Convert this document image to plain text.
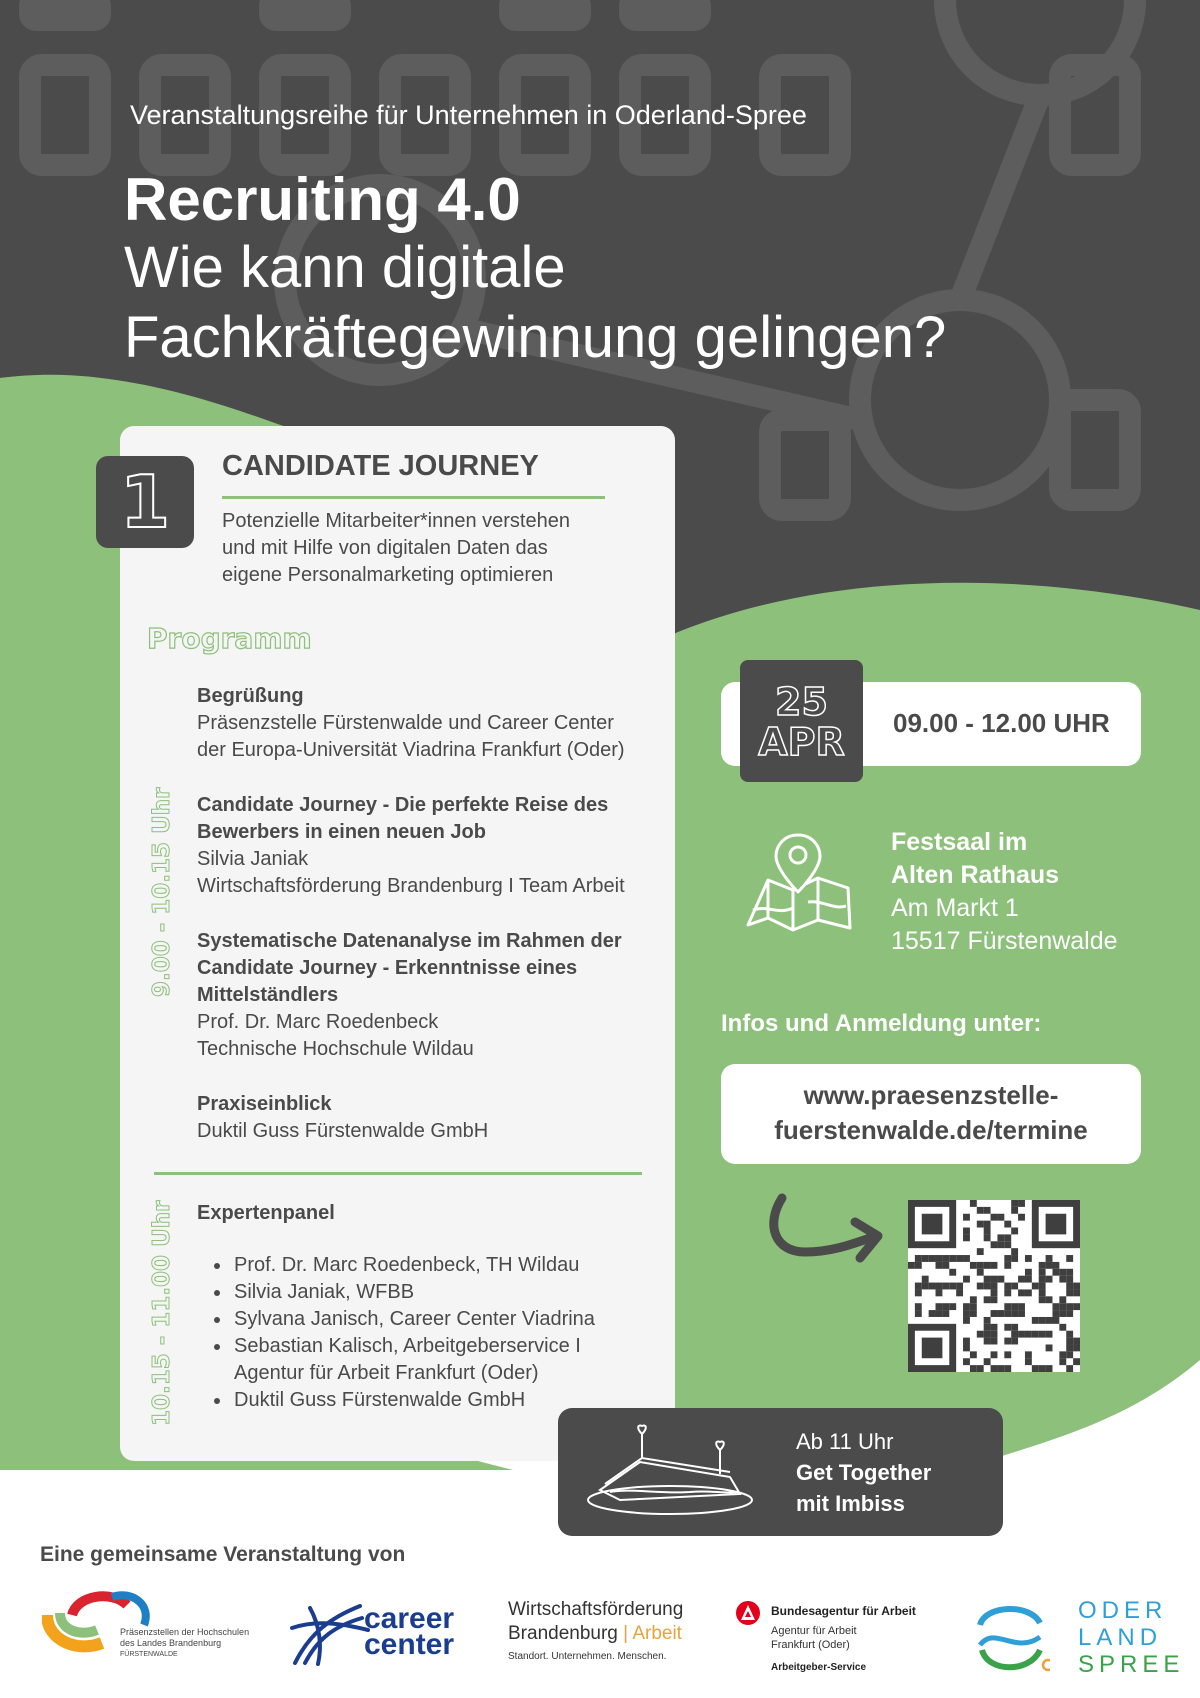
Veranstaltungsreihe für Unternehmen in Oderland-Spree
Recruiting 4.0
Wie kann digitale
Fachkräftegewinnung gelingen?
1 CANDIDATE JOURNEY
Potenzielle Mitarbeiter*innen verstehen
und mit Hilfe von digitalen Daten das
eigene Personalmarketing optimieren
Programm
9.00 - 10.15 Uhr
10.15 - 11.00 Uhr
Begrüßung
Präsenzstelle Fürstenwalde und Career Center
der Europa-Universität Viadrina Frankfurt (Oder)
Candidate Journey - Die perfekte Reise des
Bewerbers in einen neuen Job
Silvia Janiak
Wirtschaftsförderung Brandenburg I Team Arbeit
Systematische Datenanalyse im Rahmen der
Candidate Journey - Erkenntnisse eines
Mittelständlers
Prof. Dr. Marc Roedenbeck
Technische Hochschule Wildau
Praxiseinblick
Duktil Guss Fürstenwalde GmbH
Expertenpanel
• Prof. Dr. Marc Roedenbeck, TH Wildau
• Silvia Janiak, WFBB
• Sylvana Janisch, Career Center Viadrina
• Sebastian Kalisch, Arbeitgeberservice I
Agentur für Arbeit Frankfurt (Oder)
• Duktil Guss Fürstenwalde GmbH
25
APR	09.00 - 12.00 UHR
Festsaal im
Alten Rathaus
Am Markt 1
15517 Fürstenwalde
Infos und Anmeldung unter:
www.praesenzstelle-
fuerstenwalde.de/termine
Ab 11 Uhr
Get Together
mit Imbiss
Eine gemeinsame Veranstaltung von
Präsenzstellen der Hochschulen
des Landes Brandenburg
FÜRSTENWALDE
career
center
Wirtschaftsförderung
Brandenburg | Arbeit
Standort. Unternehmen. Menschen.
Bundesagentur für Arbeit
Agentur für Arbeit
Frankfurt (Oder)
Arbeitgeber-Service
ODER
LAND
SPREE
